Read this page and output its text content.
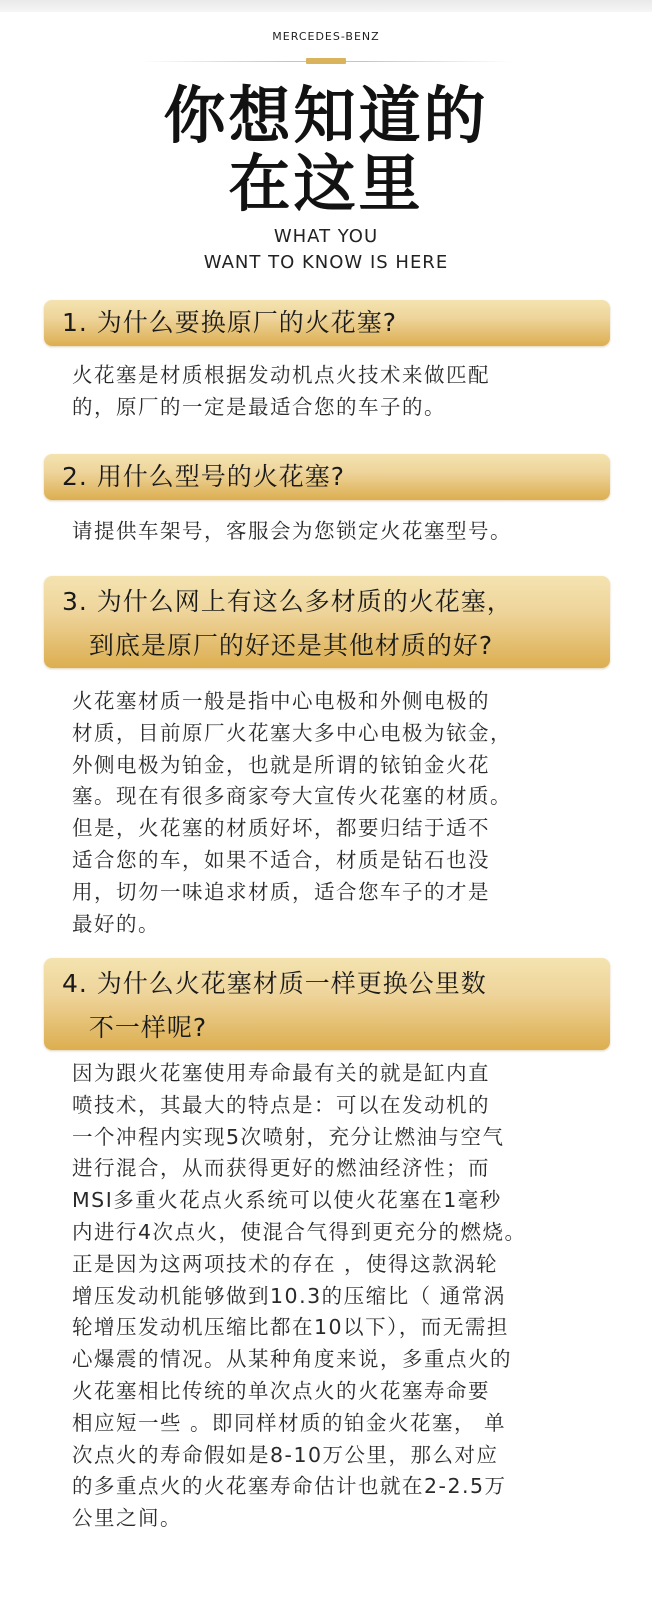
MERCEDES-BENZ
你想知道的
在这里
WHAT YOU
WANT TO KNOW IS HERE
1. 为什么要换原厂的火花塞?
火花塞是材质根据发动机点火技术来做匹配
的，原厂的一定是最适合您的车子的。
2. 用什么型号的火花塞?
请提供车架号，客服会为您锁定火花塞型号。
3. 为什么网上有这么多材质的火花塞，
到底是原厂的好还是其他材质的好?
火花塞材质一般是指中心电极和外侧电极的
材质，目前原厂火花塞大多中心电极为铱金，
外侧电极为铂金，也就是所谓的铱铂金火花
塞。现在有很多商家夸大宣传火花塞的材质。
但是，火花塞的材质好坏，都要归结于适不
适合您的车，如果不适合，材质是钻石也没
用，切勿一味追求材质，适合您车子的才是
最好的。
4. 为什么火花塞材质一样更换公里数
不一样呢?
因为跟火花塞使用寿命最有关的就是缸内直
喷技术，其最大的特点是：可以在发动机的
一个冲程内实现5次喷射，充分让燃油与空气
进行混合，从而获得更好的燃油经济性；而
MSI多重火花点火系统可以使火花塞在1毫秒
内进行4次点火，使混合气得到更充分的燃烧。
正是因为这两项技术的存在 ，使得这款涡轮
增压发动机能够做到10.3的压缩比（ 通常涡
轮增压发动机压缩比都在10以下），而无需担
心爆震的情况。从某种角度来说，多重点火的
火花塞相比传统的单次点火的火花塞寿命要
相应短一些 。即同样材质的铂金火花塞， 单
次点火的寿命假如是8-10万公里，那么对应
的多重点火的火花塞寿命估计也就在2-2.5万
公里之间。
